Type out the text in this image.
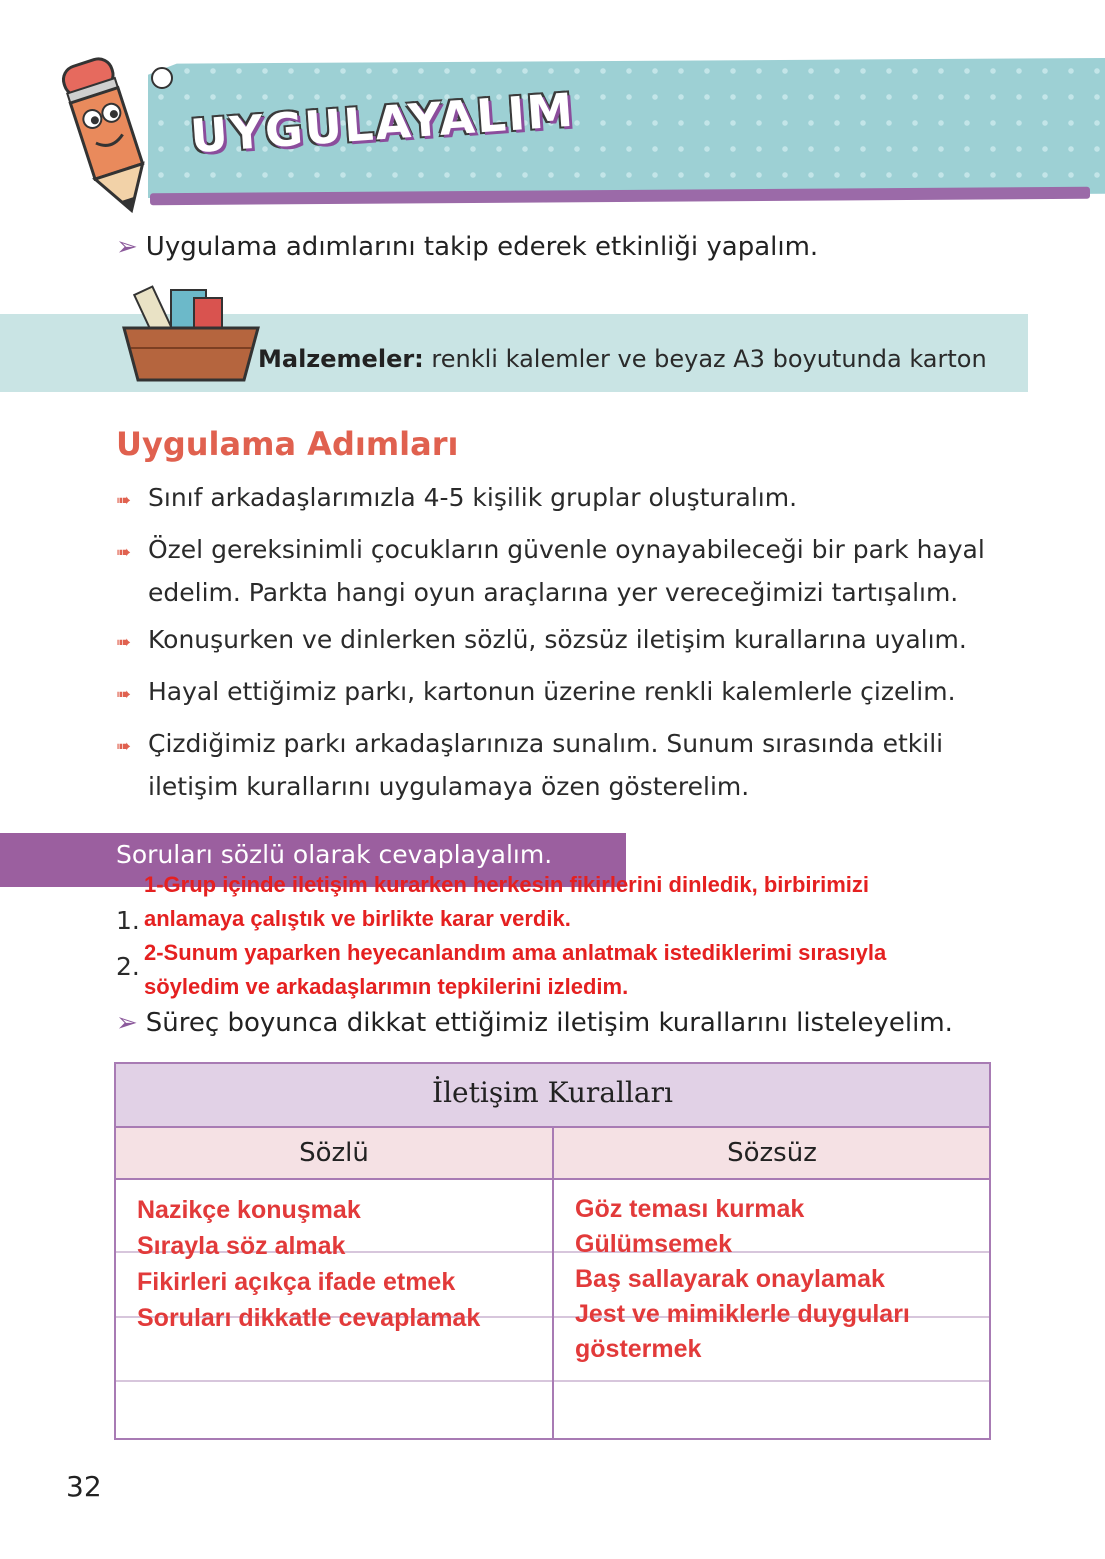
UYGULAYALIM
➢ Uygulama adımlarını takip ederek etkinliği yapalım.
Malzemeler: renkli kalemler ve beyaz A3 boyutunda karton
Uygulama Adımları
➠ Sınıf arkadaşlarımızla 4-5 kişilik gruplar oluşturalım.
➠ Özel gereksinimli çocukların güvenle oynayabileceği bir park hayal
edelim. Parkta hangi oyun araçlarına yer vereceğimizi tartışalım.
➠ Konuşurken ve dinlerken sözlü, sözsüz iletişim kurallarına uyalım.
➠ Hayal ettiğimiz parkı, kartonun üzerine renkli kalemlerle çizelim.
➠ Çizdiğimiz parkı arkadaşlarınıza sunalım. Sunum sırasında etkili
iletişim kurallarını uygulamaya özen gösterelim.
Soruları sözlü olarak cevaplayalım.
1.
2.
1-Grup içinde iletişim kurarken herkesin fikirlerini dinledik, birbirimizi
anlamaya çalıştık ve birlikte karar verdik.
2-Sunum yaparken heyecanlandım ama anlatmak istediklerimi sırasıyla
söyledim ve arkadaşlarımın tepkilerini izledim.
➢ Süreç boyunca dikkat ettiğimiz iletişim kurallarını listeleyelim.
İletişim Kuralları
Sözlü	Sözsüz
Nazikçe konuşmak
Sırayla söz almak
Fikirleri açıkça ifade etmek
Soruları dikkatle cevaplamak
Göz teması kurmak
Gülümsemek
Baş sallayarak onaylamak
Jest ve mimiklerle duyguları
göstermek
32
